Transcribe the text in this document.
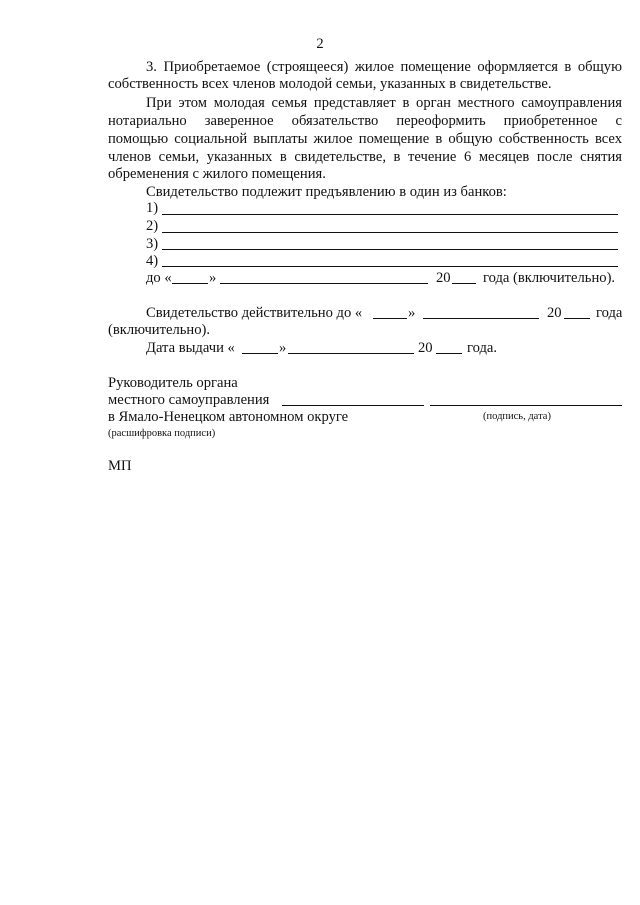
2
3. Приобретаемое (строящееся) жилое помещение оформляется в общую
собственность всех членов молодой семьи, указанных в свидетельстве.
При этом молодая семья представляет в орган местного самоуправления
нотариально заверенное обязательство переоформить приобретенное с
помощью социальной выплаты жилое помещение в общую собственность всех
членов семьи, указанных в свидетельстве, в течение 6 месяцев после снятия
обременения с жилого помещения.
Свидетельство подлежит предъявлению в один из банков:
1)
2)
3)
4)
до «	»	20 года (включительно).
Свидетельство действительно до «	»	20 года
(включительно).
Дата выдачи «	»	20 года.
Руководитель органа
местного самоуправления
в Ямало-Ненецком автономном округе	(подпись, дата)
(расшифровка подписи)
МП
